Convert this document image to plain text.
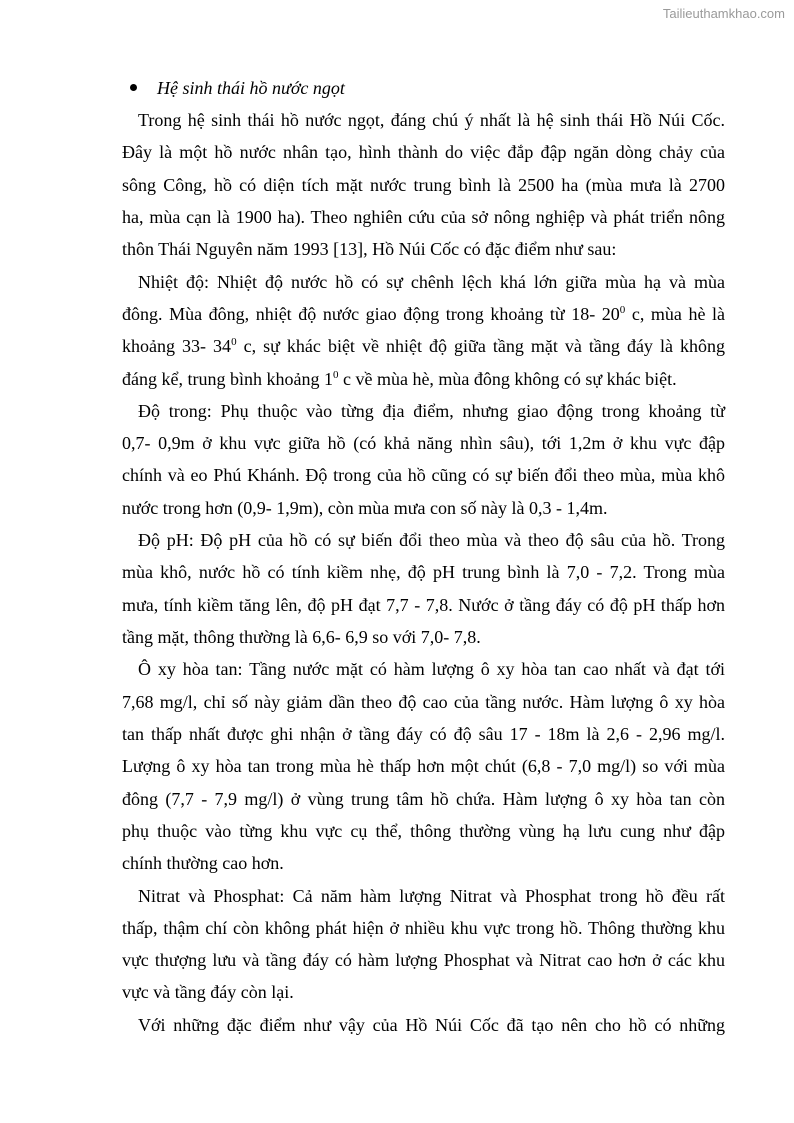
Tailieuthamkhao.com
Hệ sinh thái hồ nước ngọt
Trong hệ sinh thái hồ nước ngọt, đáng chú ý nhất là hệ sinh thái Hồ Núi Cốc.
Đây là một hồ nước nhân tạo, hình thành do việc đắp đập ngăn dòng chảy của
sông Công, hồ có diện tích mặt nước trung bình là 2500 ha (mùa mưa là 2700
ha, mùa cạn là 1900 ha). Theo nghiên cứu của sở nông nghiệp và phát triển nông
thôn Thái Nguyên năm 1993 [13], Hồ Núi Cốc có đặc điểm như sau:
Nhiệt độ: Nhiệt độ nước hồ có sự chênh lệch khá lớn giữa mùa hạ và mùa
đông. Mùa đông, nhiệt độ nước giao động trong khoảng từ 18- $20^0$ c, mùa hè là
khoảng 33- $34^0$ c, sự khác biệt về nhiệt độ giữa tầng mặt và tầng đáy là không
đáng kể, trung bình khoảng $1^0$ c về mùa hè, mùa đông không có sự khác biệt.
Độ trong: Phụ thuộc vào từng địa điểm, nhưng giao động trong khoảng từ
0,7- 0,9m ở khu vực giữa hồ (có khả năng nhìn sâu), tới 1,2m ở khu vực đập
chính và eo Phú Khánh. Độ trong của hồ cũng có sự biến đổi theo mùa, mùa khô
nước trong hơn (0,9- 1,9m), còn mùa mưa con số này là 0,3 - 1,4m.
Độ pH: Độ pH của hồ có sự biến đổi theo mùa và theo độ sâu của hồ. Trong
mùa khô, nước hồ có tính kiềm nhẹ, độ pH trung bình là 7,0 - 7,2. Trong mùa
mưa, tính kiềm tăng lên, độ pH đạt 7,7 - 7,8. Nước ở tầng đáy có độ pH thấp hơn
tầng mặt, thông thường là 6,6- 6,9 so với 7,0- 7,8.
Ô xy hòa tan: Tầng nước mặt có hàm lượng ô xy hòa tan cao nhất và đạt tới
7,68 mg/l, chỉ số này giảm dần theo độ cao của tầng nước. Hàm lượng ô xy hòa
tan thấp nhất được ghi nhận ở tầng đáy có độ sâu 17 - 18m là 2,6 - 2,96 mg/l.
Lượng ô xy hòa tan trong mùa hè thấp hơn một chút (6,8 - 7,0 mg/l) so với mùa
đông (7,7 - 7,9 mg/l) ở vùng trung tâm hồ chứa. Hàm lượng ô xy hòa tan còn
phụ thuộc vào từng khu vực cụ thể, thông thường vùng hạ lưu cung như đập
chính thường cao hơn.
Nitrat và Phosphat: Cả năm hàm lượng Nitrat và Phosphat trong hồ đều rất
thấp, thậm chí còn không phát hiện ở nhiều khu vực trong hồ. Thông thường khu
vực thượng lưu và tầng đáy có hàm lượng Phosphat và Nitrat cao hơn ở các khu
vực và tầng đáy còn lại.
Với những đặc điểm như vậy của Hồ Núi Cốc đã tạo nên cho hồ có những
